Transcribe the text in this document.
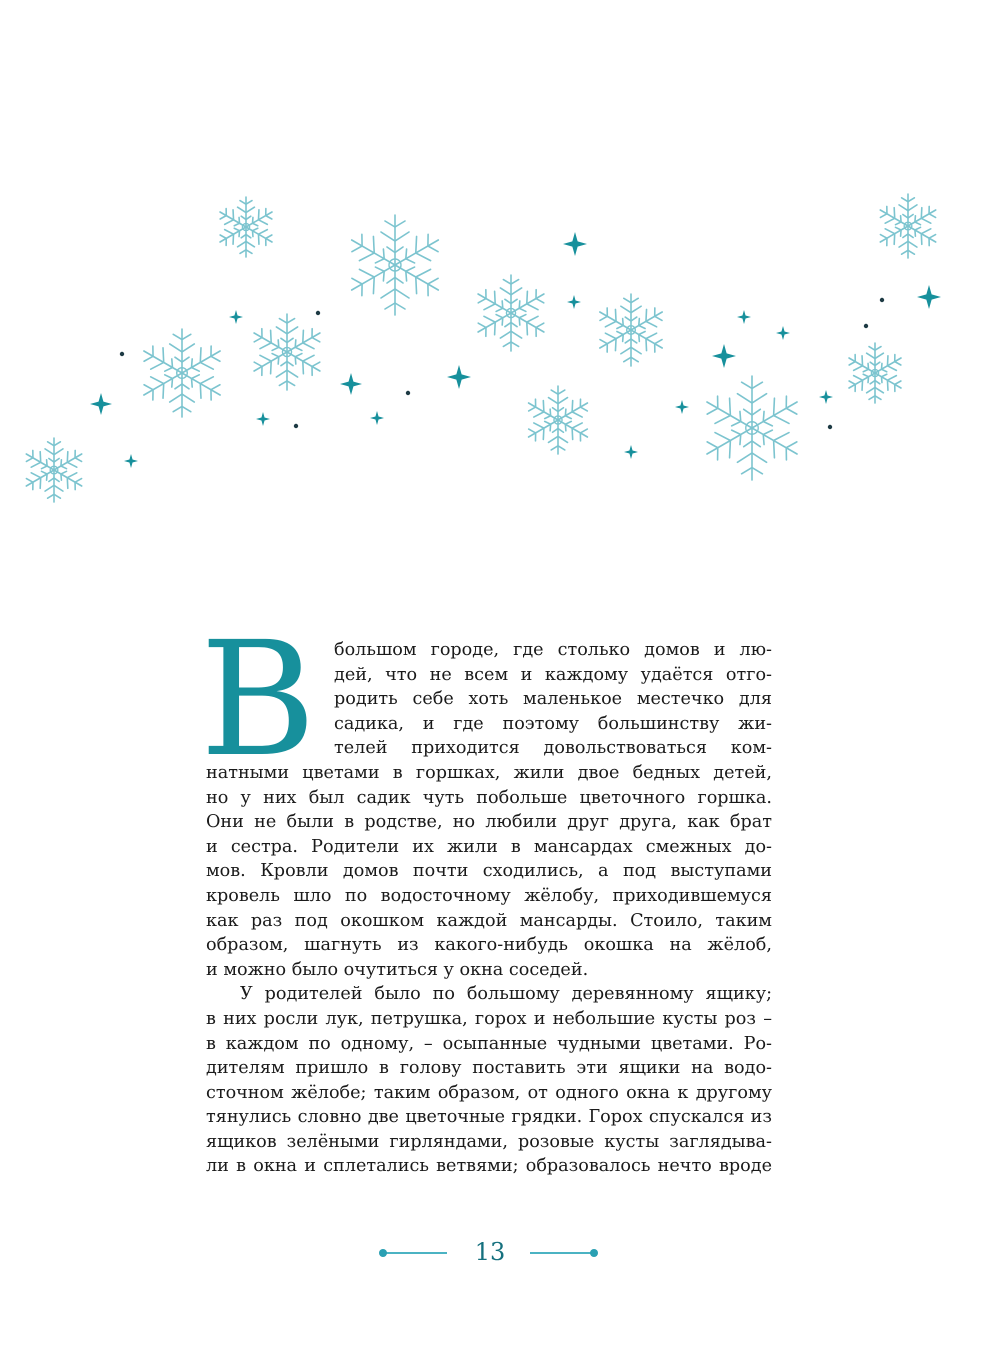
В	большом городе, где столько домов и лю-
дей, что не всем и каждому удаётся отго-
родить себе хоть маленькое местечко для
садика, и где поэтому большинству жи-
телей приходится довольствоваться ком-
натными цветами в горшках, жили двое бедных детей,
но у них был садик чуть побольше цветочного горшка.
Они не были в родстве, но любили друг друга, как брат
и сестра. Родители их жили в мансардах смежных до-
мов. Кровли домов почти сходились, а под выступами
кровель шло по водосточному жёлобу, приходившемуся
как раз под окошком каждой мансарды. Стоило, таким
образом, шагнуть из какого-нибудь окошка на жёлоб,
и можно было очутиться у окна соседей.
У родителей было по большому деревянному ящику;
в них росли лук, петрушка, горох и небольшие кусты роз –
в каждом по одному, – осыпанные чудными цветами. Ро-
дителям пришло в голову поставить эти ящики на водо-
сточном жёлобе; таким образом, от одного окна к другому
тянулись словно две цветочные грядки. Горох спускался из
ящиков зелёными гирляндами, розовые кусты заглядыва-
ли в окна и сплетались ветвями; образовалось нечто вроде
13
